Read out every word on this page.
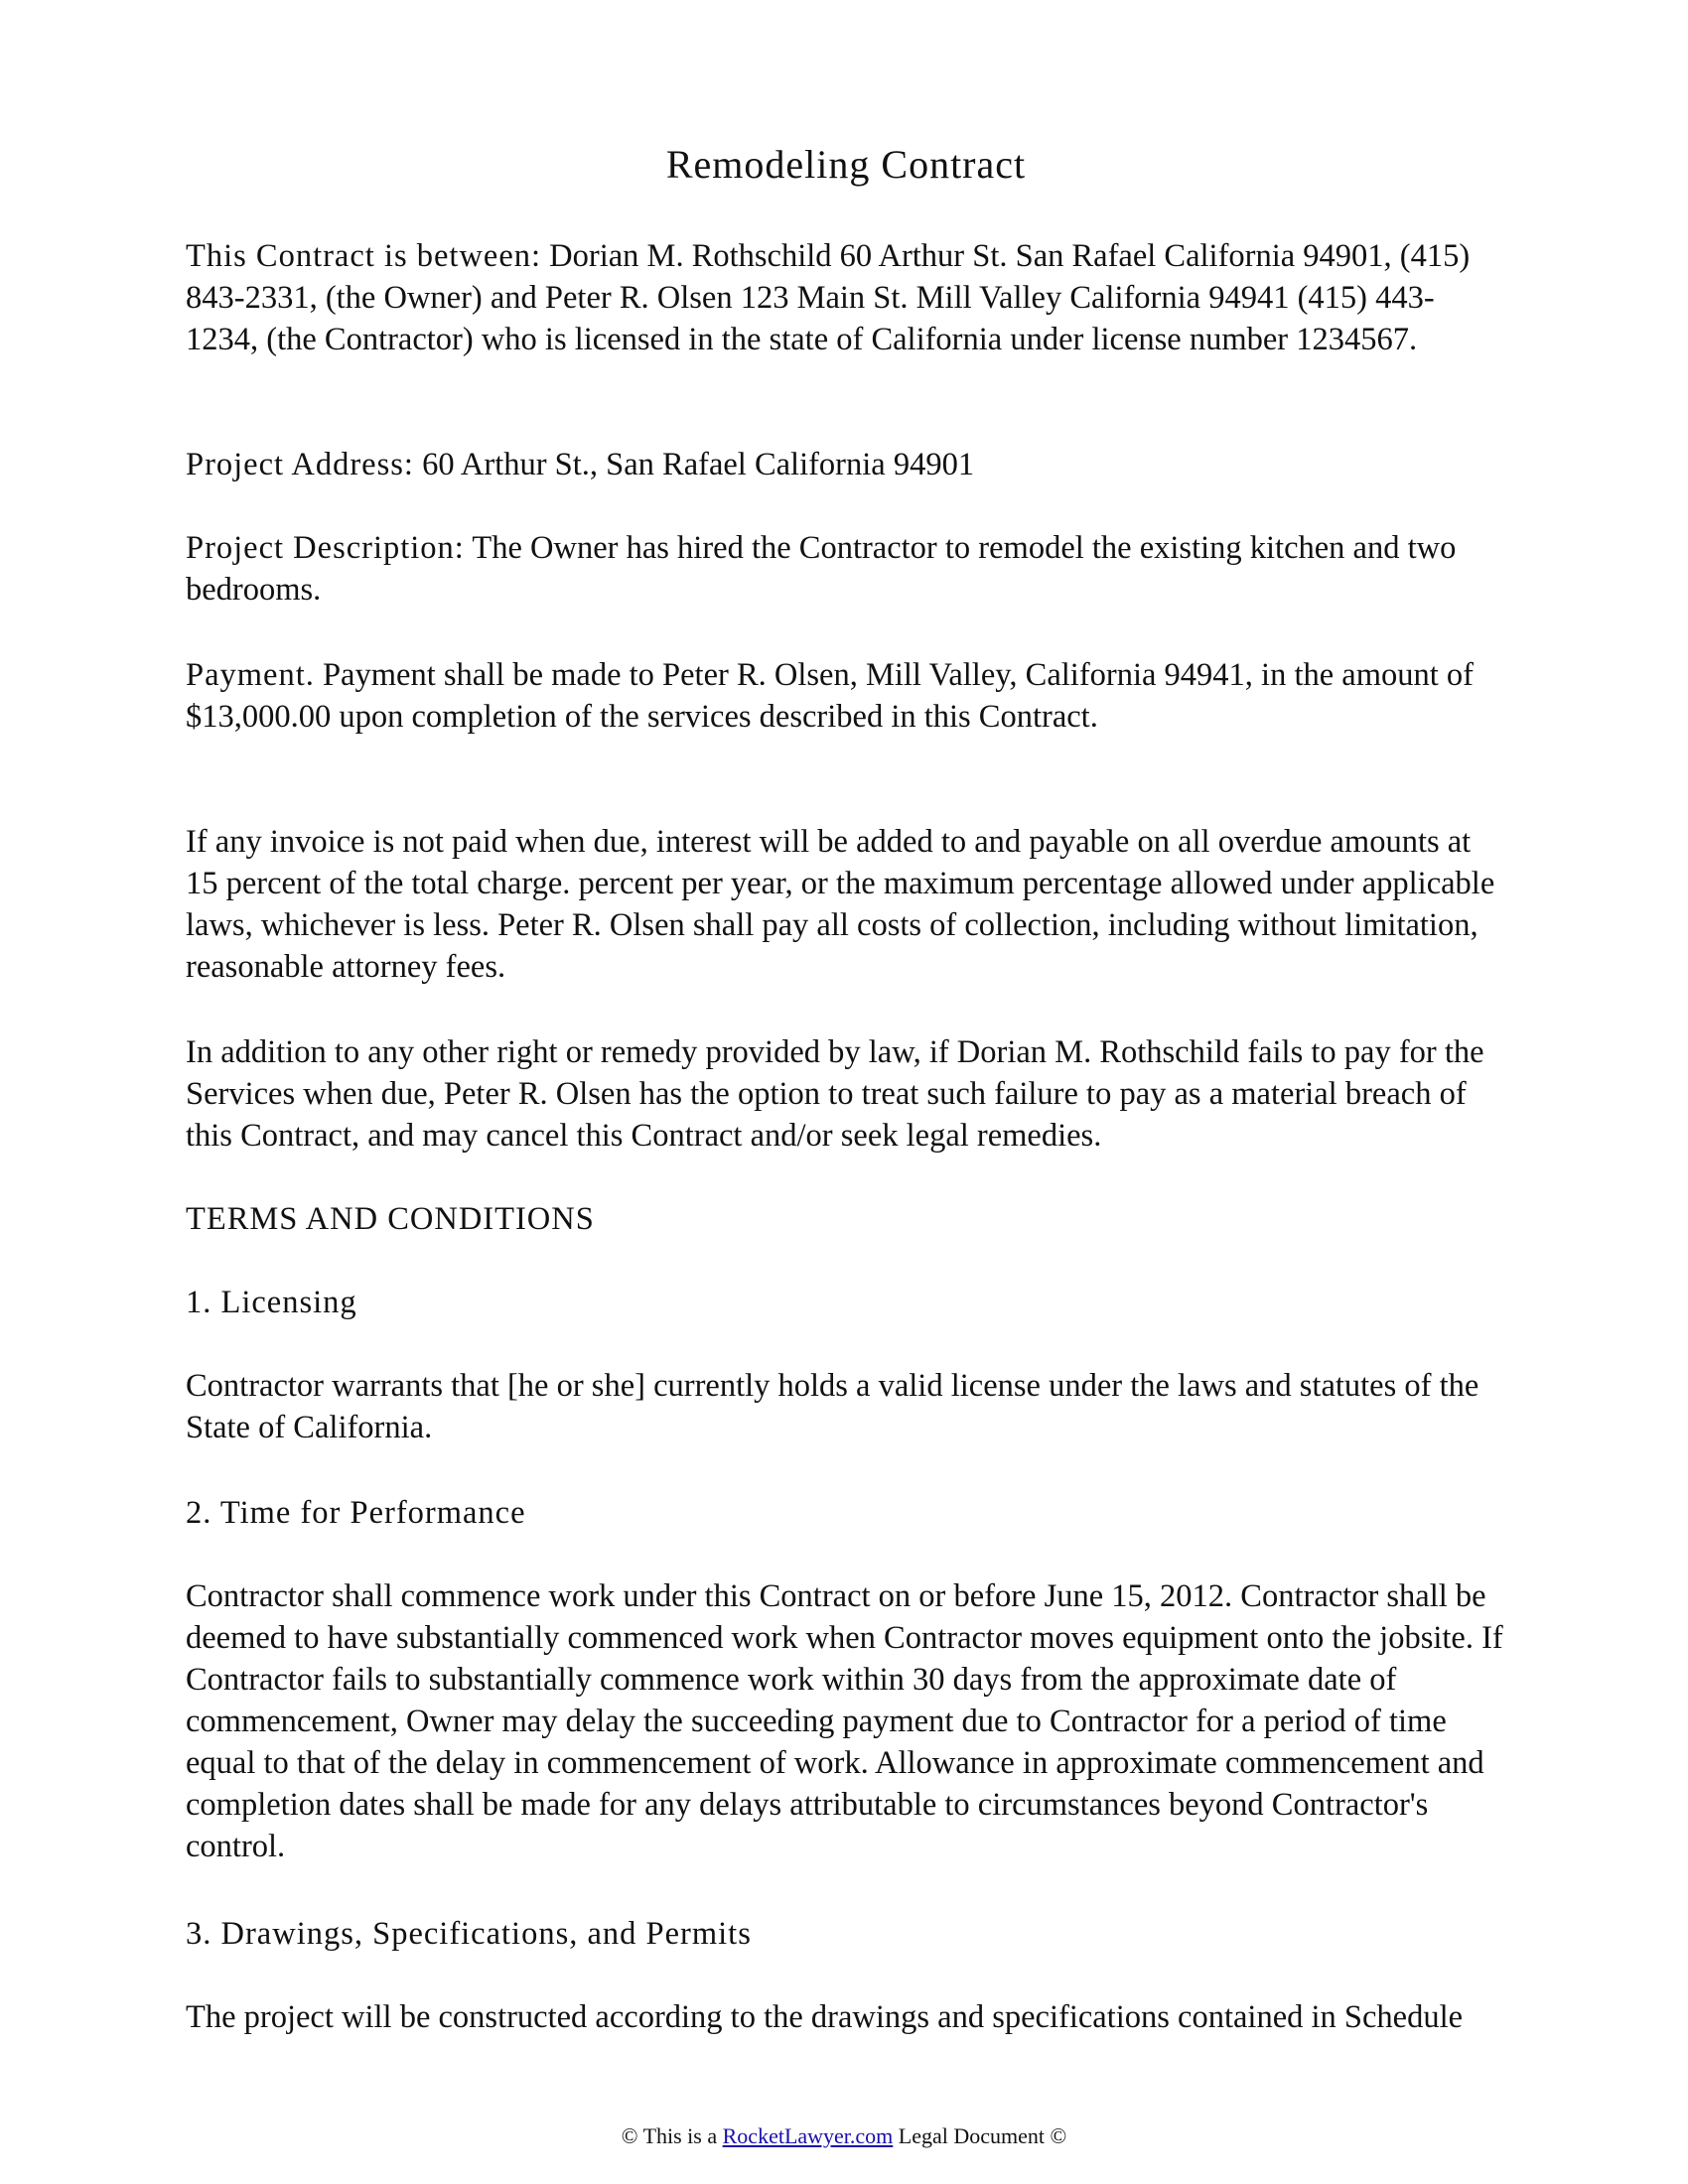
Remodeling Contract

This Contract is between: Dorian M. Rothschild 60 Arthur St. San Rafael California 94901, (415) 843-2331, (the Owner) and Peter R. Olsen 123 Main St. Mill Valley California 94941 (415) 443-1234, (the Contractor) who is licensed in the state of California under license number 1234567.

Project Address: 60 Arthur St., San Rafael California 94901

Project Description: The Owner has hired the Contractor to remodel the existing kitchen and two bedrooms.

Payment. Payment shall be made to Peter R. Olsen, Mill Valley, California 94941, in the amount of $13,000.00 upon completion of the services described in this Contract.

If any invoice is not paid when due, interest will be added to and payable on all overdue amounts at 15 percent of the total charge. percent per year, or the maximum percentage allowed under applicable laws, whichever is less. Peter R. Olsen shall pay all costs of collection, including without limitation, reasonable attorney fees.

In addition to any other right or remedy provided by law, if Dorian M. Rothschild fails to pay for the Services when due, Peter R. Olsen has the option to treat such failure to pay as a material breach of this Contract, and may cancel this Contract and/or seek legal remedies.

TERMS AND CONDITIONS

1. Licensing

Contractor warrants that [he or she] currently holds a valid license under the laws and statutes of the State of California.

2. Time for Performance

Contractor shall commence work under this Contract on or before June 15, 2012. Contractor shall be deemed to have substantially commenced work when Contractor moves equipment onto the jobsite. If Contractor fails to substantially commence work within 30 days from the approximate date of commencement, Owner may delay the succeeding payment due to Contractor for a period of time equal to that of the delay in commencement of work. Allowance in approximate commencement and completion dates shall be made for any delays attributable to circumstances beyond Contractor's control.

3. Drawings, Specifications, and Permits

The project will be constructed according to the drawings and specifications contained in Schedule

© This is a RocketLawyer.com Legal Document ©
